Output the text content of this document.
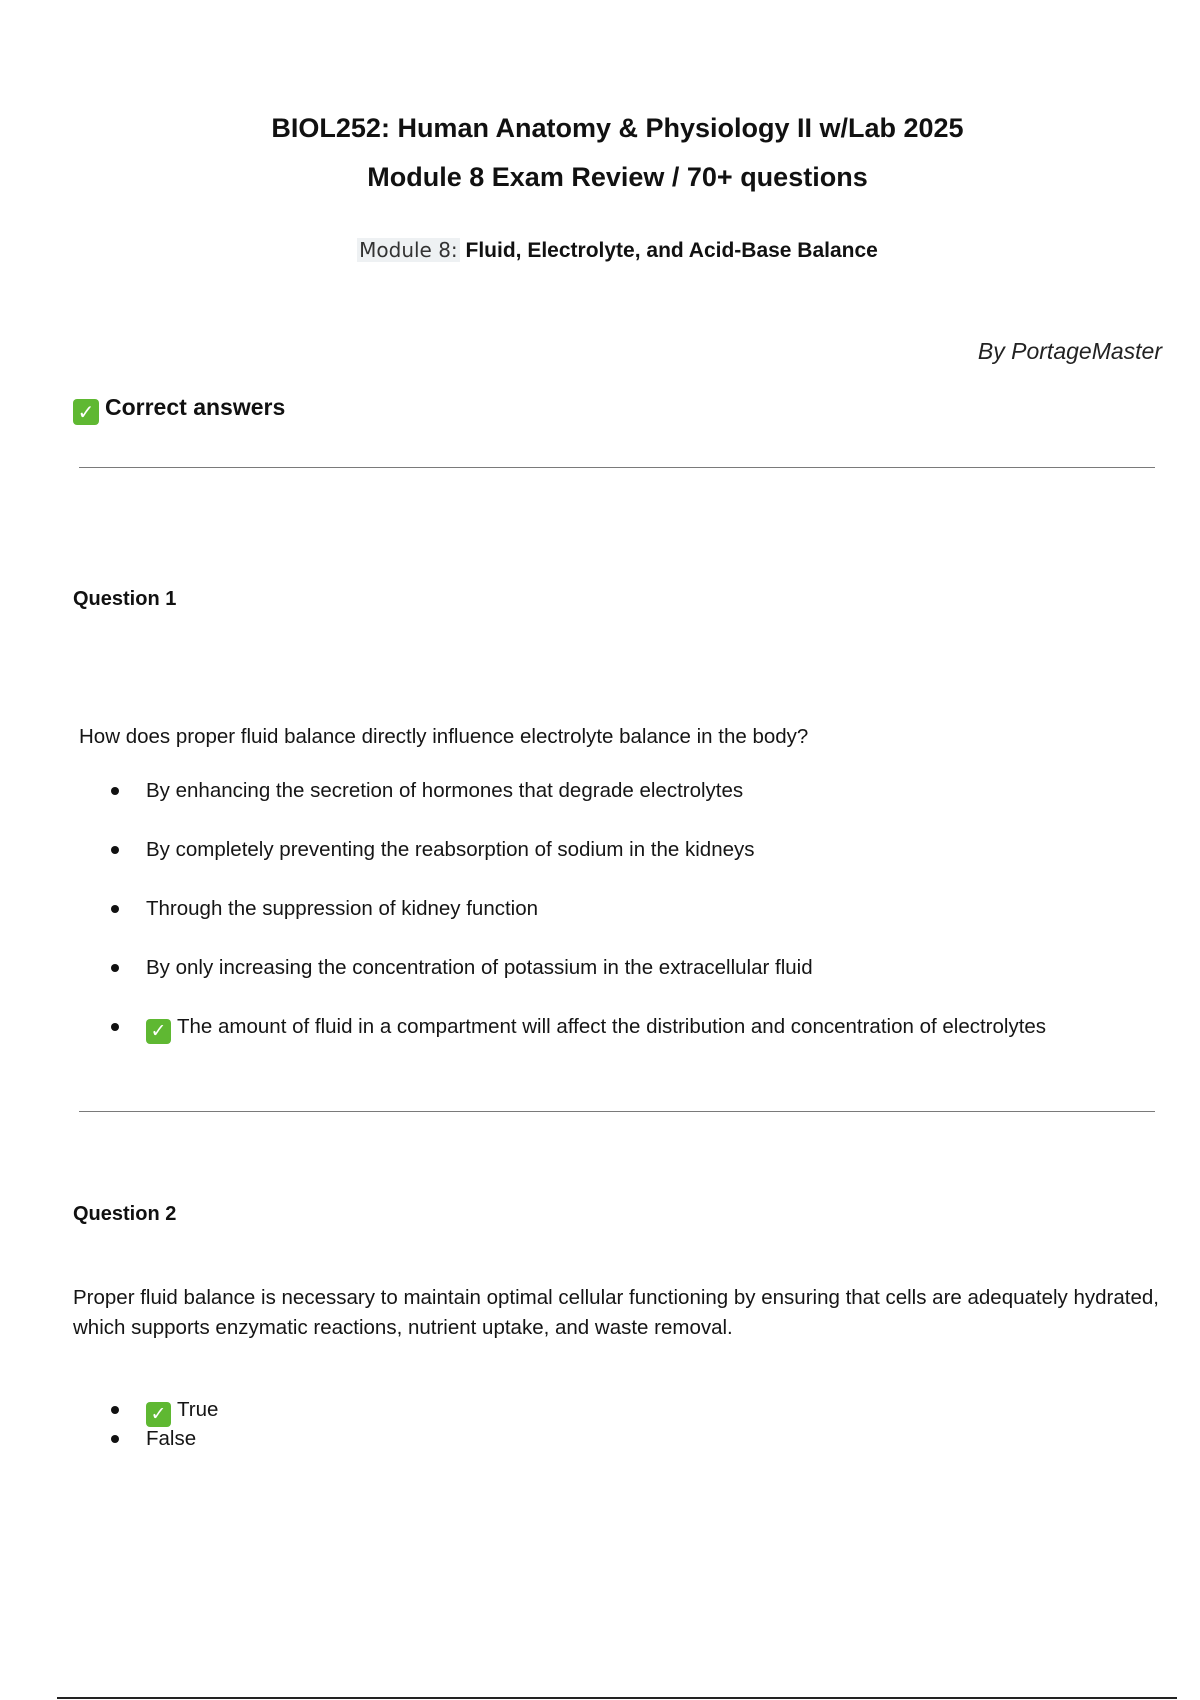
BIOL252: Human Anatomy & Physiology II w/Lab 2025
Module 8 Exam Review / 70+ questions
Module 8: Fluid, Electrolyte, and Acid-Base Balance
By PortageMaster
✓ Correct answers
Question 1
How does proper fluid balance directly influence electrolyte balance in the body?
By enhancing the secretion of hormones that degrade electrolytes
By completely preventing the reabsorption of sodium in the kidneys
Through the suppression of kidney function
By only increasing the concentration of potassium in the extracellular fluid
✓ The amount of fluid in a compartment will affect the distribution and concentration of electrolytes
Question 2
Proper fluid balance is necessary to maintain optimal cellular functioning by ensuring that cells are adequately hydrated, which supports enzymatic reactions, nutrient uptake, and waste removal.
✓ True
False
